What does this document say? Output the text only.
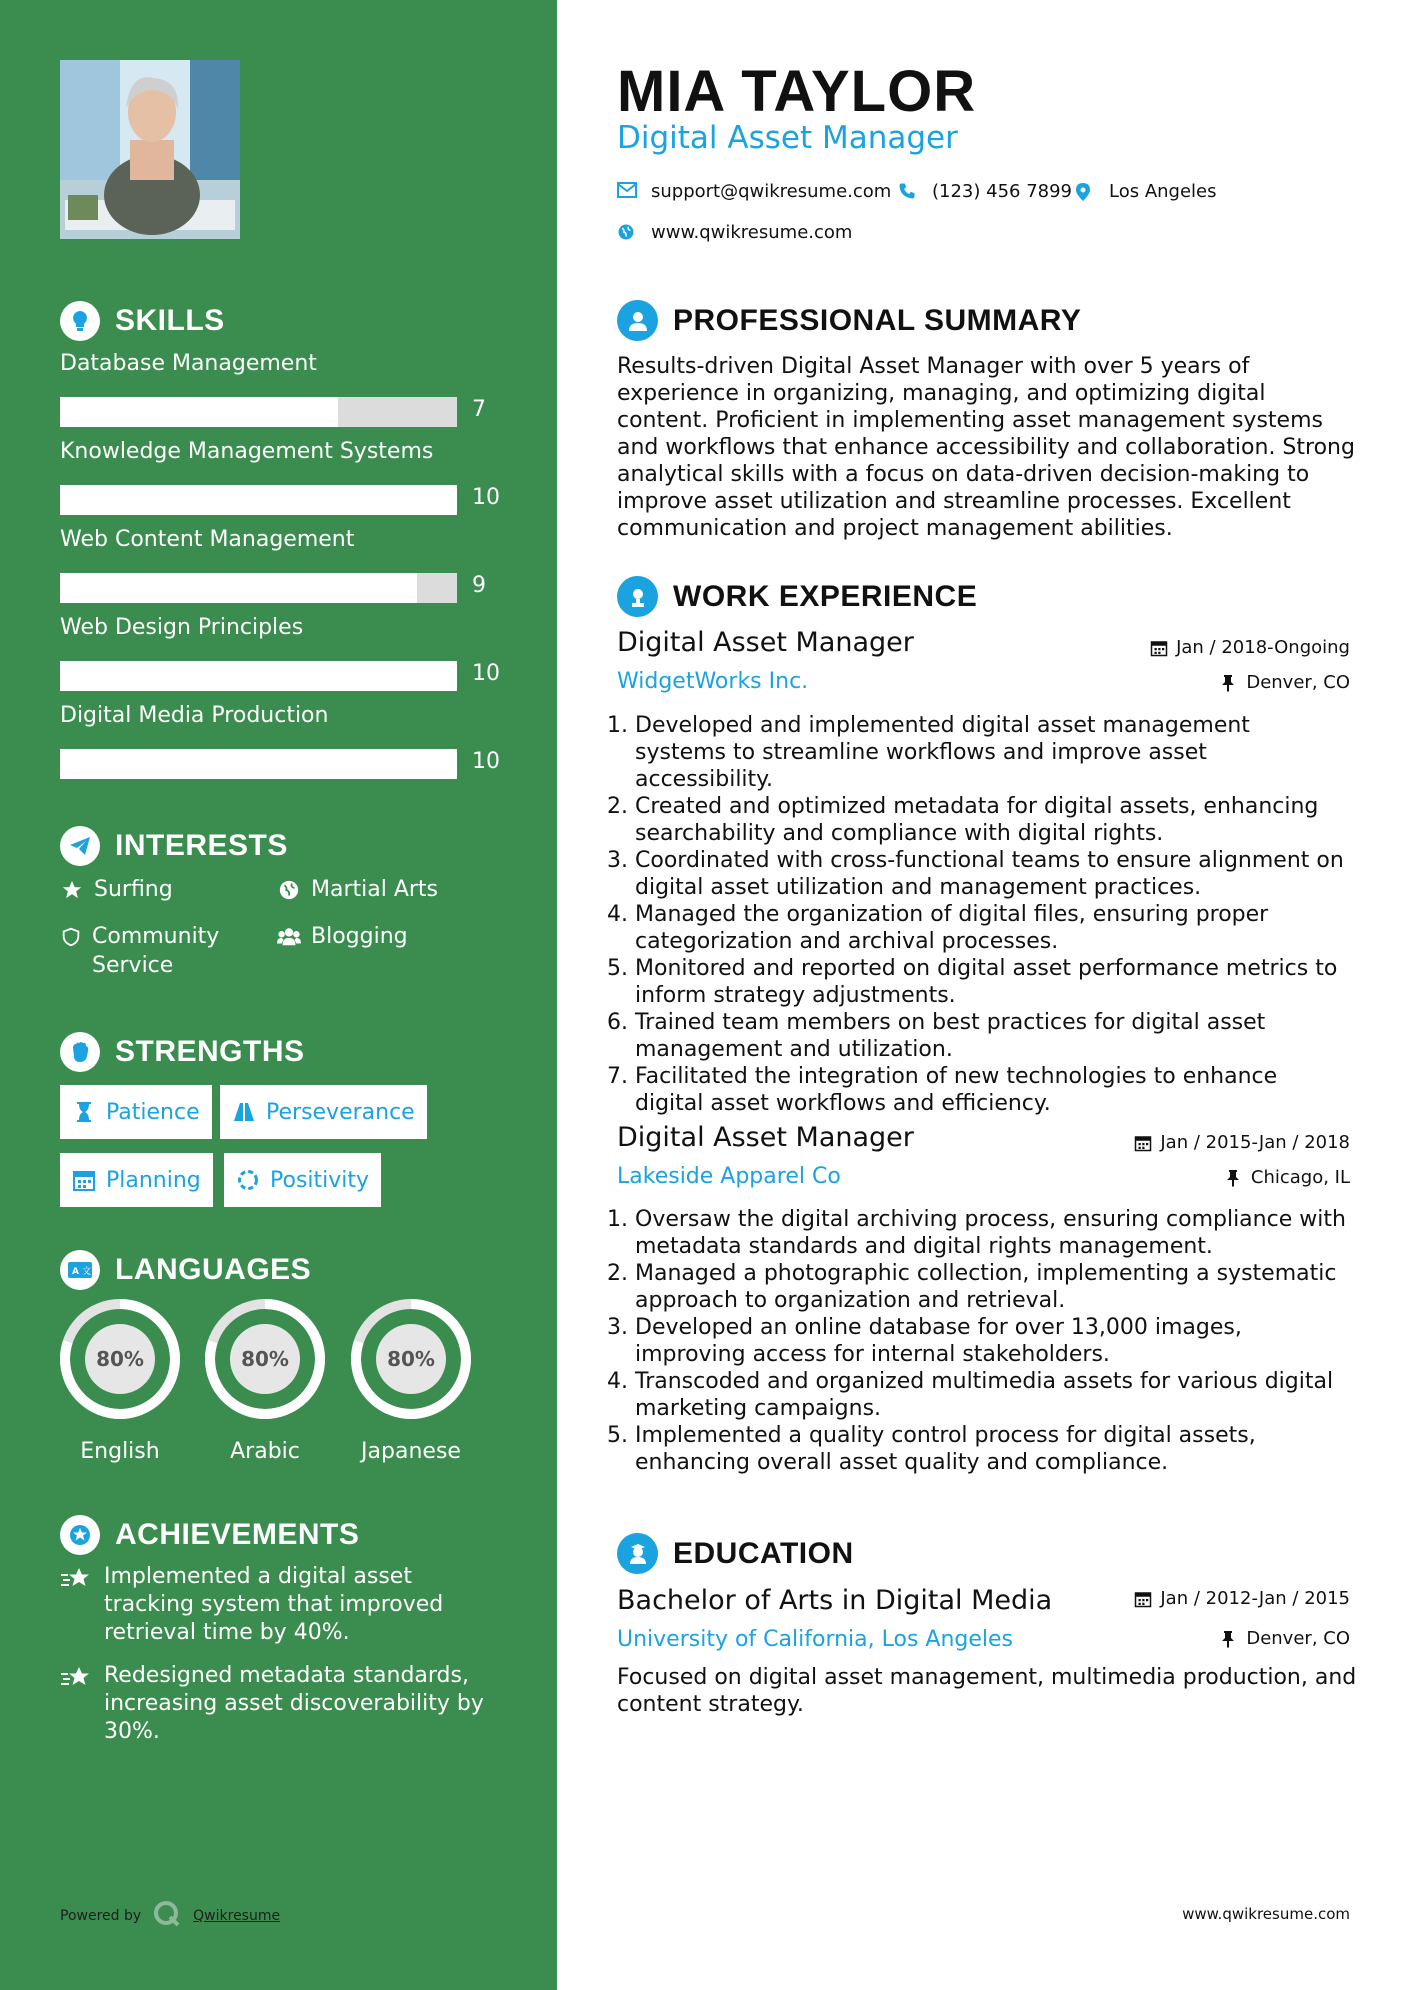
SKILLS
Database Management
7
Knowledge Management Systems
10
Web Content Management
9
Web Design Principles
10
Digital Media Production
10
INTERESTS
Surfing	Martial Arts
Community Service
Blogging
STRENGTHS
Patience	Perseverance
Planning	Positivity
A 文 LANGUAGES
80%
English
80%
Arabic
80%
Japanese
ACHIEVEMENTS
Implemented a digital asset tracking system that improved retrieval time by 40%.
Redesigned metadata standards, increasing asset discoverability by 30%.
Powered by	Qwikresume
MIA TAYLOR
Digital Asset Manager
support@qwikresume.com (123) 456 7899 Los Angeles
www.qwikresume.com
PROFESSIONAL SUMMARY
Results-driven Digital Asset Manager with over 5 years of experience in organizing, managing, and optimizing digital content. Proficient in implementing asset management systems and workflows that enhance accessibility and collaboration. Strong analytical skills with a focus on data-driven decision-making to improve asset utilization and streamline processes. Excellent communication and project management abilities.
WORK EXPERIENCE
Digital Asset Manager
WidgetWorks Inc.
Jan / 2018-Ongoing
Denver, CO
1. Developed and implemented digital asset management systems to streamline workflows and improve asset accessibility.
2. Created and optimized metadata for digital assets, enhancing searchability and compliance with digital rights.
3. Coordinated with cross-functional teams to ensure alignment on digital asset utilization and management practices.
4. Managed the organization of digital files, ensuring proper categorization and archival processes.
5. Monitored and reported on digital asset performance metrics to inform strategy adjustments.
6. Trained team members on best practices for digital asset management and utilization.
7. Facilitated the integration of new technologies to enhance digital asset workflows and efficiency.
Digital Asset Manager
Lakeside Apparel Co
Jan / 2015-Jan / 2018
Chicago, IL
1. Oversaw the digital archiving process, ensuring compliance with metadata standards and digital rights management.
2. Managed a photographic collection, implementing a systematic approach to organization and retrieval.
3. Developed an online database for over 13,000 images, improving access for internal stakeholders.
4. Transcoded and organized multimedia assets for various digital marketing campaigns.
5. Implemented a quality control process for digital assets, enhancing overall asset quality and compliance.
EDUCATION
Bachelor of Arts in Digital Media
University of California, Los Angeles
Jan / 2012-Jan / 2015
Denver, CO
Focused on digital asset management, multimedia production, and content strategy.
www.qwikresume.com
